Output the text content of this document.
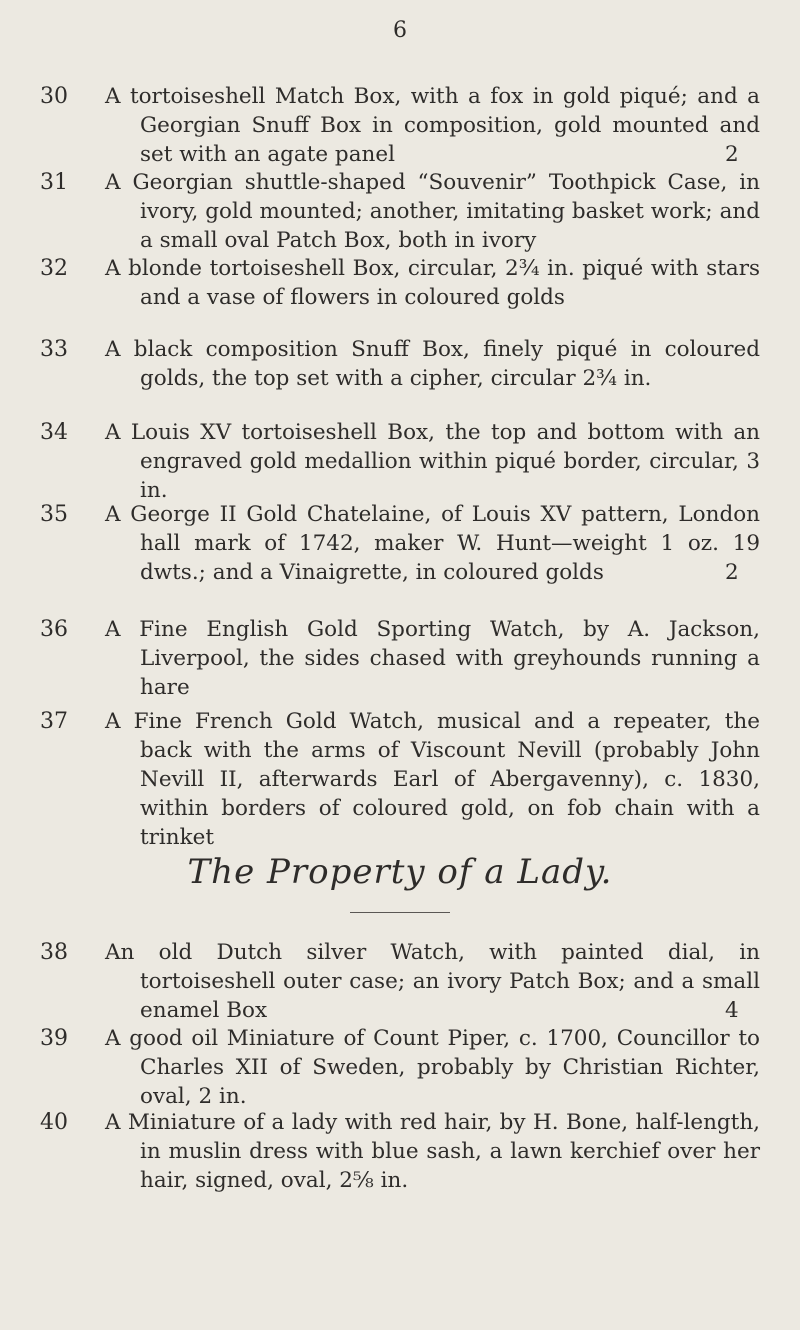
6
30	A tortoiseshell Match Box, with a fox in gold piqué; and a Georgian Snuff Box in composition, gold mounted and set with an agate panel	2
31	A Georgian shuttle-shaped “Souvenir” Toothpick Case, in ivory, gold mounted; another, imitating basket work; and a small oval Patch Box, both in ivory
32	A blonde tortoiseshell Box, circular, 2¾ in. piqué with stars and a vase of flowers in coloured golds
33	A black composition Snuff Box, finely piqué in coloured golds, the top set with a cipher, circular 2¾ in.
34	A Louis XV tortoiseshell Box, the top and bottom with an engraved gold medallion within piqué border, circular, 3 in.
35	A George II Gold Chatelaine, of Louis XV pattern, London hall mark of 1742, maker W. Hunt—weight 1 oz. 19 dwts.; and a Vinaigrette, in coloured golds	2
36	A Fine English Gold Sporting Watch, by A. Jackson, Liverpool, the sides chased with greyhounds running a hare
37	A Fine French Gold Watch, musical and a repeater, the back with the arms of Viscount Nevill (probably John Nevill II, afterwards Earl of Abergavenny), c. 1830, within borders of coloured gold, on fob chain with a trinket
The Property of a Lady.
38	An old Dutch silver Watch, with painted dial, in tortoiseshell outer case; an ivory Patch Box; and a small enamel Box	4
39	A good oil Miniature of Count Piper, c. 1700, Councillor to Charles XII of Sweden, probably by Christian Richter, oval, 2 in.
40	A Miniature of a lady with red hair, by H. Bone, half-length, in muslin dress with blue sash, a lawn kerchief over her hair, signed, oval, 2⅝ in.
